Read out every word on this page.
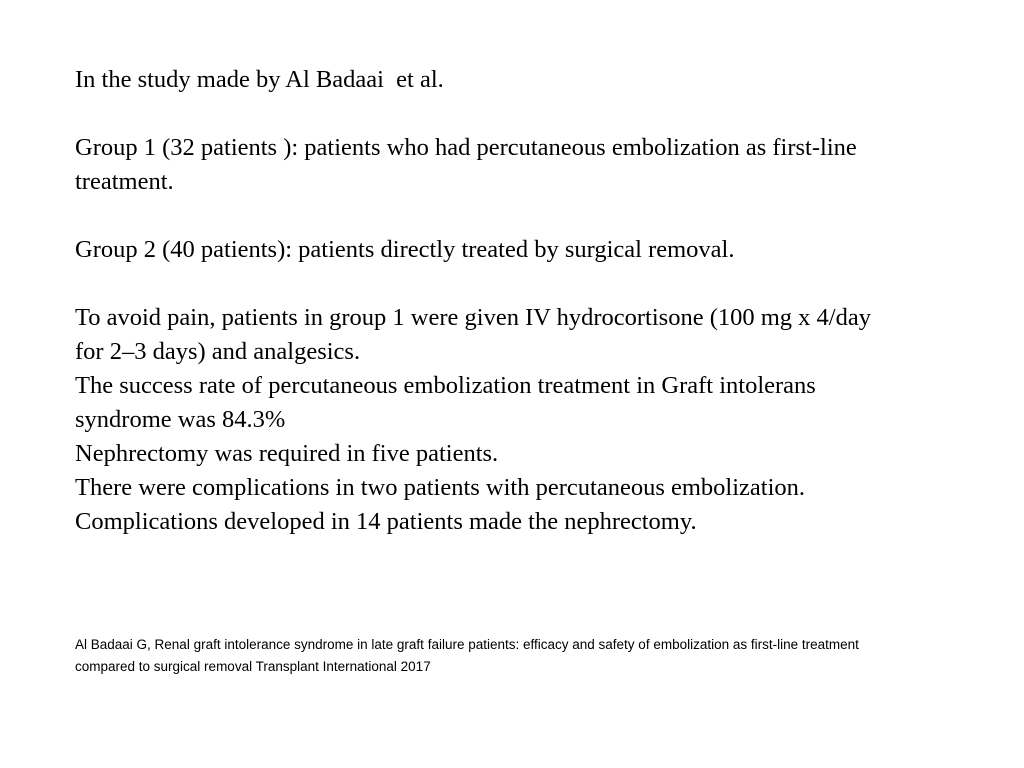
In the study made by Al Badaai  et al.

Group 1 (32 patients ): patients who had percutaneous embolization as first-line treatment.

Group 2 (40 patients): patients directly treated by surgical removal.

To avoid pain, patients in group 1 were given IV hydrocortisone (100 mg x 4/day for 2–3 days) and analgesics.

The success rate of percutaneous embolization treatment in Graft intolerans syndrome was 84.3%

Nephrectomy was required in five patients.

There were complications in two patients with percutaneous embolization.

Complications developed in 14 patients made the nephrectomy.

Al Badaai G, Renal graft intolerance syndrome in late graft failure patients: efficacy and safety of embolization as first-line treatment compared to surgical removal Transplant International 2017
